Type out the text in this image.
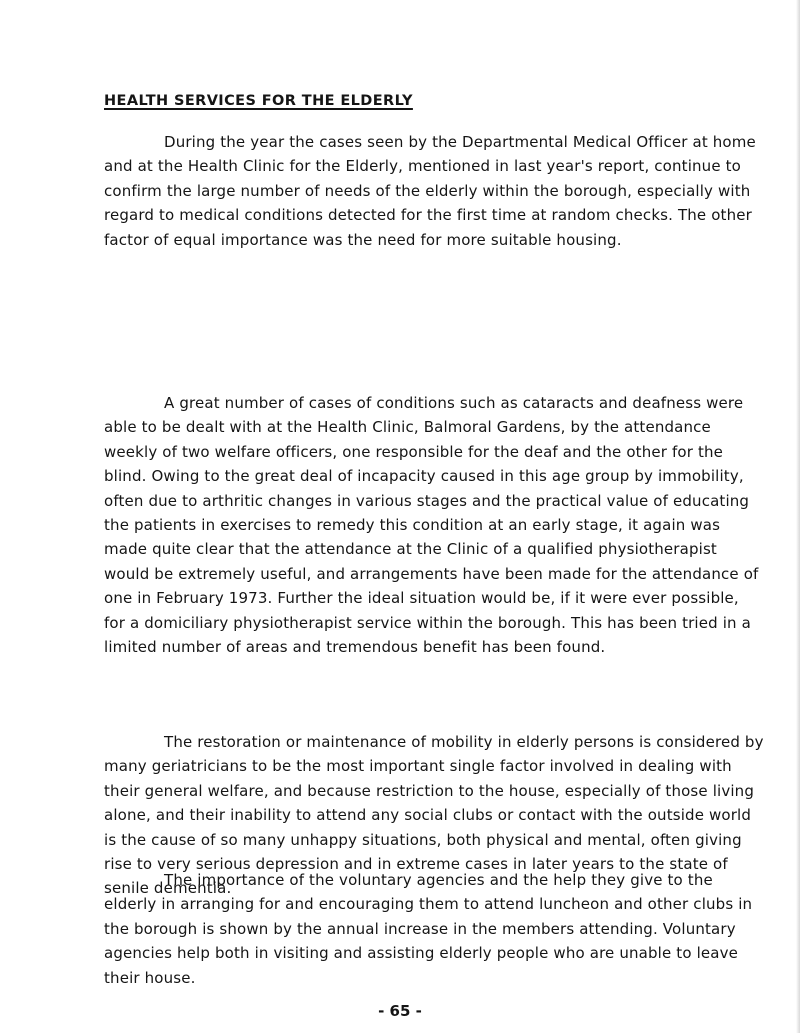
HEALTH SERVICES FOR THE ELDERLY

During the year the cases seen by the Departmental Medical Officer at home and at the Health Clinic for the Elderly, mentioned in last year's report, continue to confirm the large number of needs of the elderly within the borough, especially with regard to medical conditions detected for the first time at random checks. The other factor of equal importance was the need for more suitable housing.

A great number of cases of conditions such as cataracts and deafness were able to be dealt with at the Health Clinic, Balmoral Gardens, by the attendance weekly of two welfare officers, one responsible for the deaf and the other for the blind. Owing to the great deal of incapacity caused in this age group by immobility, often due to arthritic changes in various stages and the practical value of educating the patients in exercises to remedy this condition at an early stage, it again was made quite clear that the attendance at the Clinic of a qualified physiotherapist would be extremely useful, and arrangements have been made for the attendance of one in February 1973. Further the ideal situation would be, if it were ever possible, for a domiciliary physiotherapist service within the borough. This has been tried in a limited number of areas and tremendous benefit has been found.

The restoration or maintenance of mobility in elderly persons is considered by many geriatricians to be the most important single factor involved in dealing with their general welfare, and because restriction to the house, especially of those living alone, and their inability to attend any social clubs or contact with the outside world is the cause of so many unhappy situations, both physical and mental, often giving rise to very serious depression and in extreme cases in later years to the state of senile dementia.

The importance of the voluntary agencies and the help they give to the elderly in arranging for and encouraging them to attend luncheon and other clubs in the borough is shown by the annual increase in the members attending. Voluntary agencies help both in visiting and assisting elderly people who are unable to leave their house.

- 65 -
